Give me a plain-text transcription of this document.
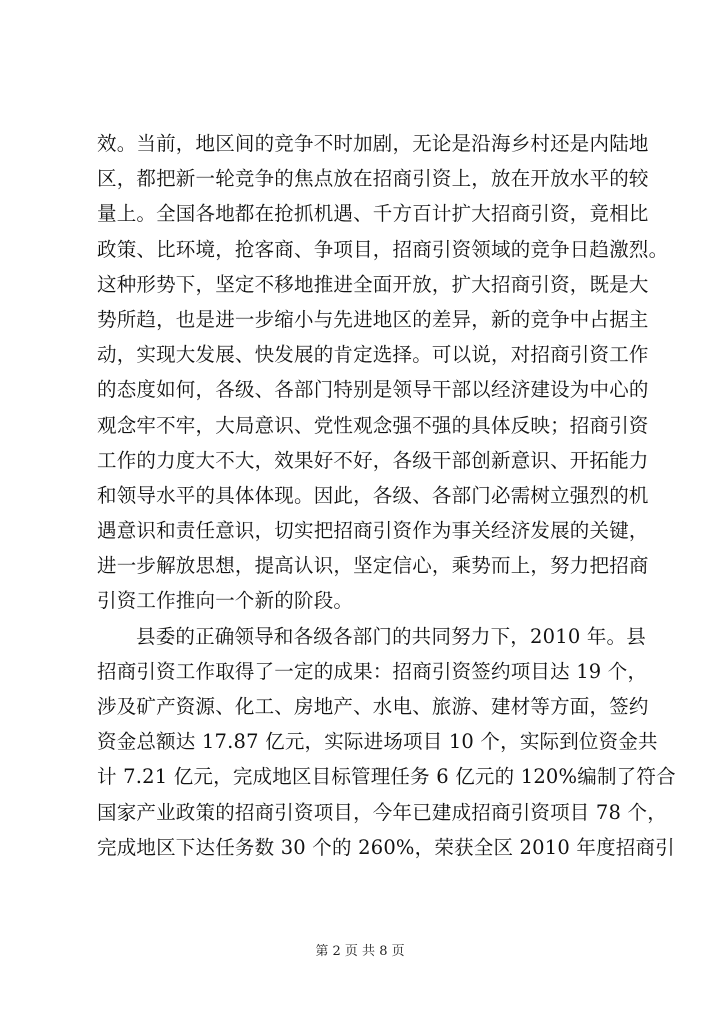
效。当前，地区间的竞争不时加剧，无论是沿海乡村还是内陆地
区，都把新一轮竞争的焦点放在招商引资上，放在开放水平的较
量上。全国各地都在抢抓机遇、千方百计扩大招商引资，竟相比
政策、比环境，抢客商、争项目，招商引资领域的竞争日趋激烈。
这种形势下，坚定不移地推进全面开放，扩大招商引资，既是大
势所趋，也是进一步缩小与先进地区的差异，新的竞争中占据主
动，实现大发展、快发展的肯定选择。可以说，对招商引资工作
的态度如何，各级、各部门特别是领导干部以经济建设为中心的
观念牢不牢，大局意识、党性观念强不强的具体反映；招商引资
工作的力度大不大，效果好不好，各级干部创新意识、开拓能力
和领导水平的具体体现。因此，各级、各部门必需树立强烈的机
遇意识和责任意识，切实把招商引资作为事关经济发展的关键，
进一步解放思想，提高认识，坚定信心，乘势而上，努力把招商
引资工作推向一个新的阶段。
县委的正确领导和各级各部门的共同努力下，2010 年。县
招商引资工作取得了一定的成果：招商引资签约项目达 19 个，
涉及矿产资源、化工、房地产、水电、旅游、建材等方面，签约
资金总额达 17.87 亿元，实际进场项目 10 个，实际到位资金共
计 7.21 亿元，完成地区目标管理任务 6 亿元的 120%编制了符合
国家产业政策的招商引资项目，今年已建成招商引资项目 78 个，
完成地区下达任务数 30 个的 260%，荣获全区 2010 年度招商引
第 2 页 共 8 页
